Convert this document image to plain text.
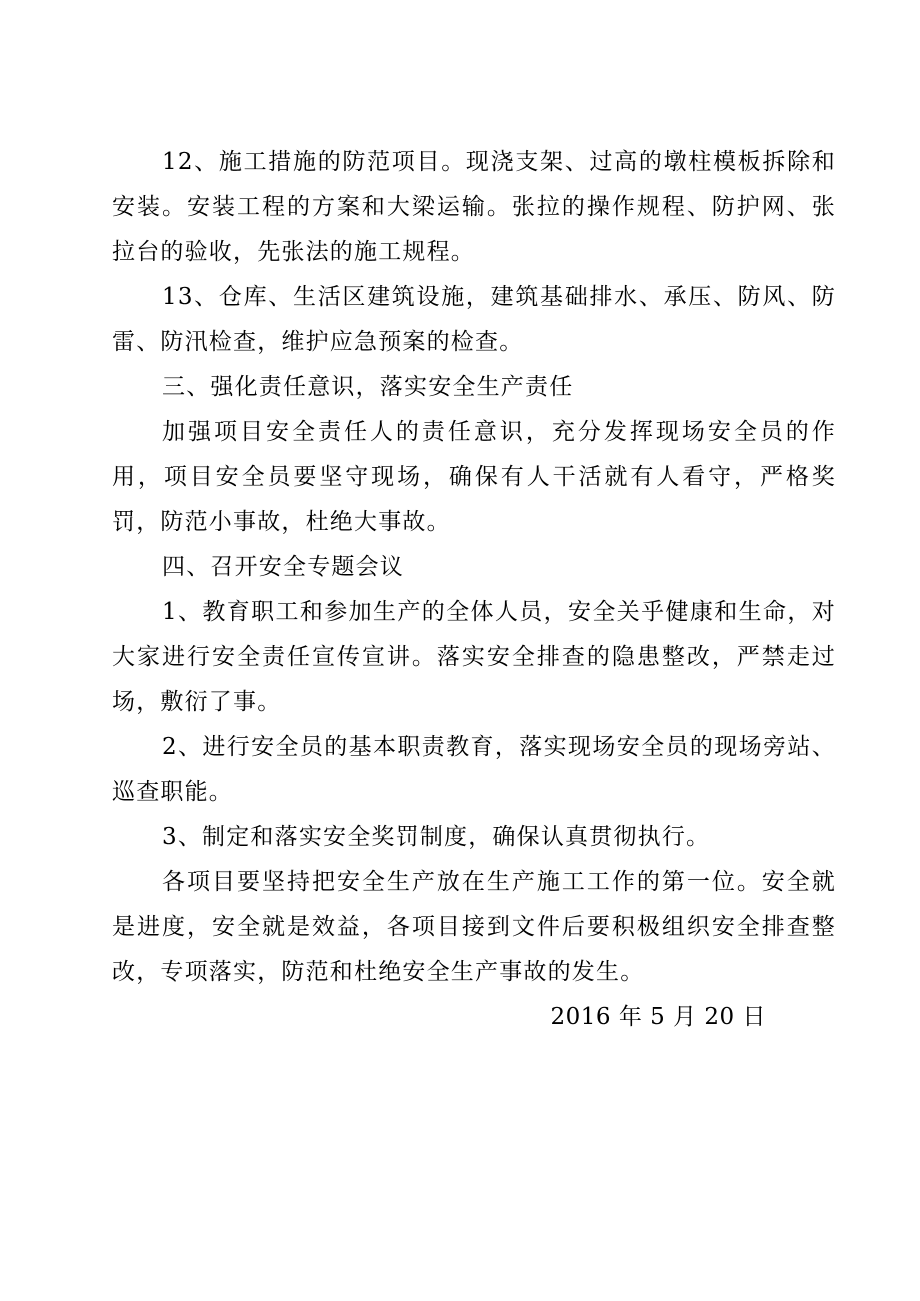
12、施工措施的防范项目。现浇支架、过高的墩柱模板拆除和安装。安装工程的方案和大梁运输。张拉的操作规程、防护网、张拉台的验收，先张法的施工规程。

13、仓库、生活区建筑设施，建筑基础排水、承压、防风、防雷、防汛检查，维护应急预案的检查。

三、强化责任意识，落实安全生产责任

加强项目安全责任人的责任意识，充分发挥现场安全员的作用，项目安全员要坚守现场，确保有人干活就有人看守，严格奖罚，防范小事故，杜绝大事故。

四、召开安全专题会议

1、教育职工和参加生产的全体人员，安全关乎健康和生命，对大家进行安全责任宣传宣讲。落实安全排查的隐患整改，严禁走过场，敷衍了事。

2、进行安全员的基本职责教育，落实现场安全员的现场旁站、巡查职能。

3、制定和落实安全奖罚制度，确保认真贯彻执行。

各项目要坚持把安全生产放在生产施工工作的第一位。安全就是进度，安全就是效益，各项目接到文件后要积极组织安全排查整改，专项落实，防范和杜绝安全生产事故的发生。

2016 年 5 月 20 日
